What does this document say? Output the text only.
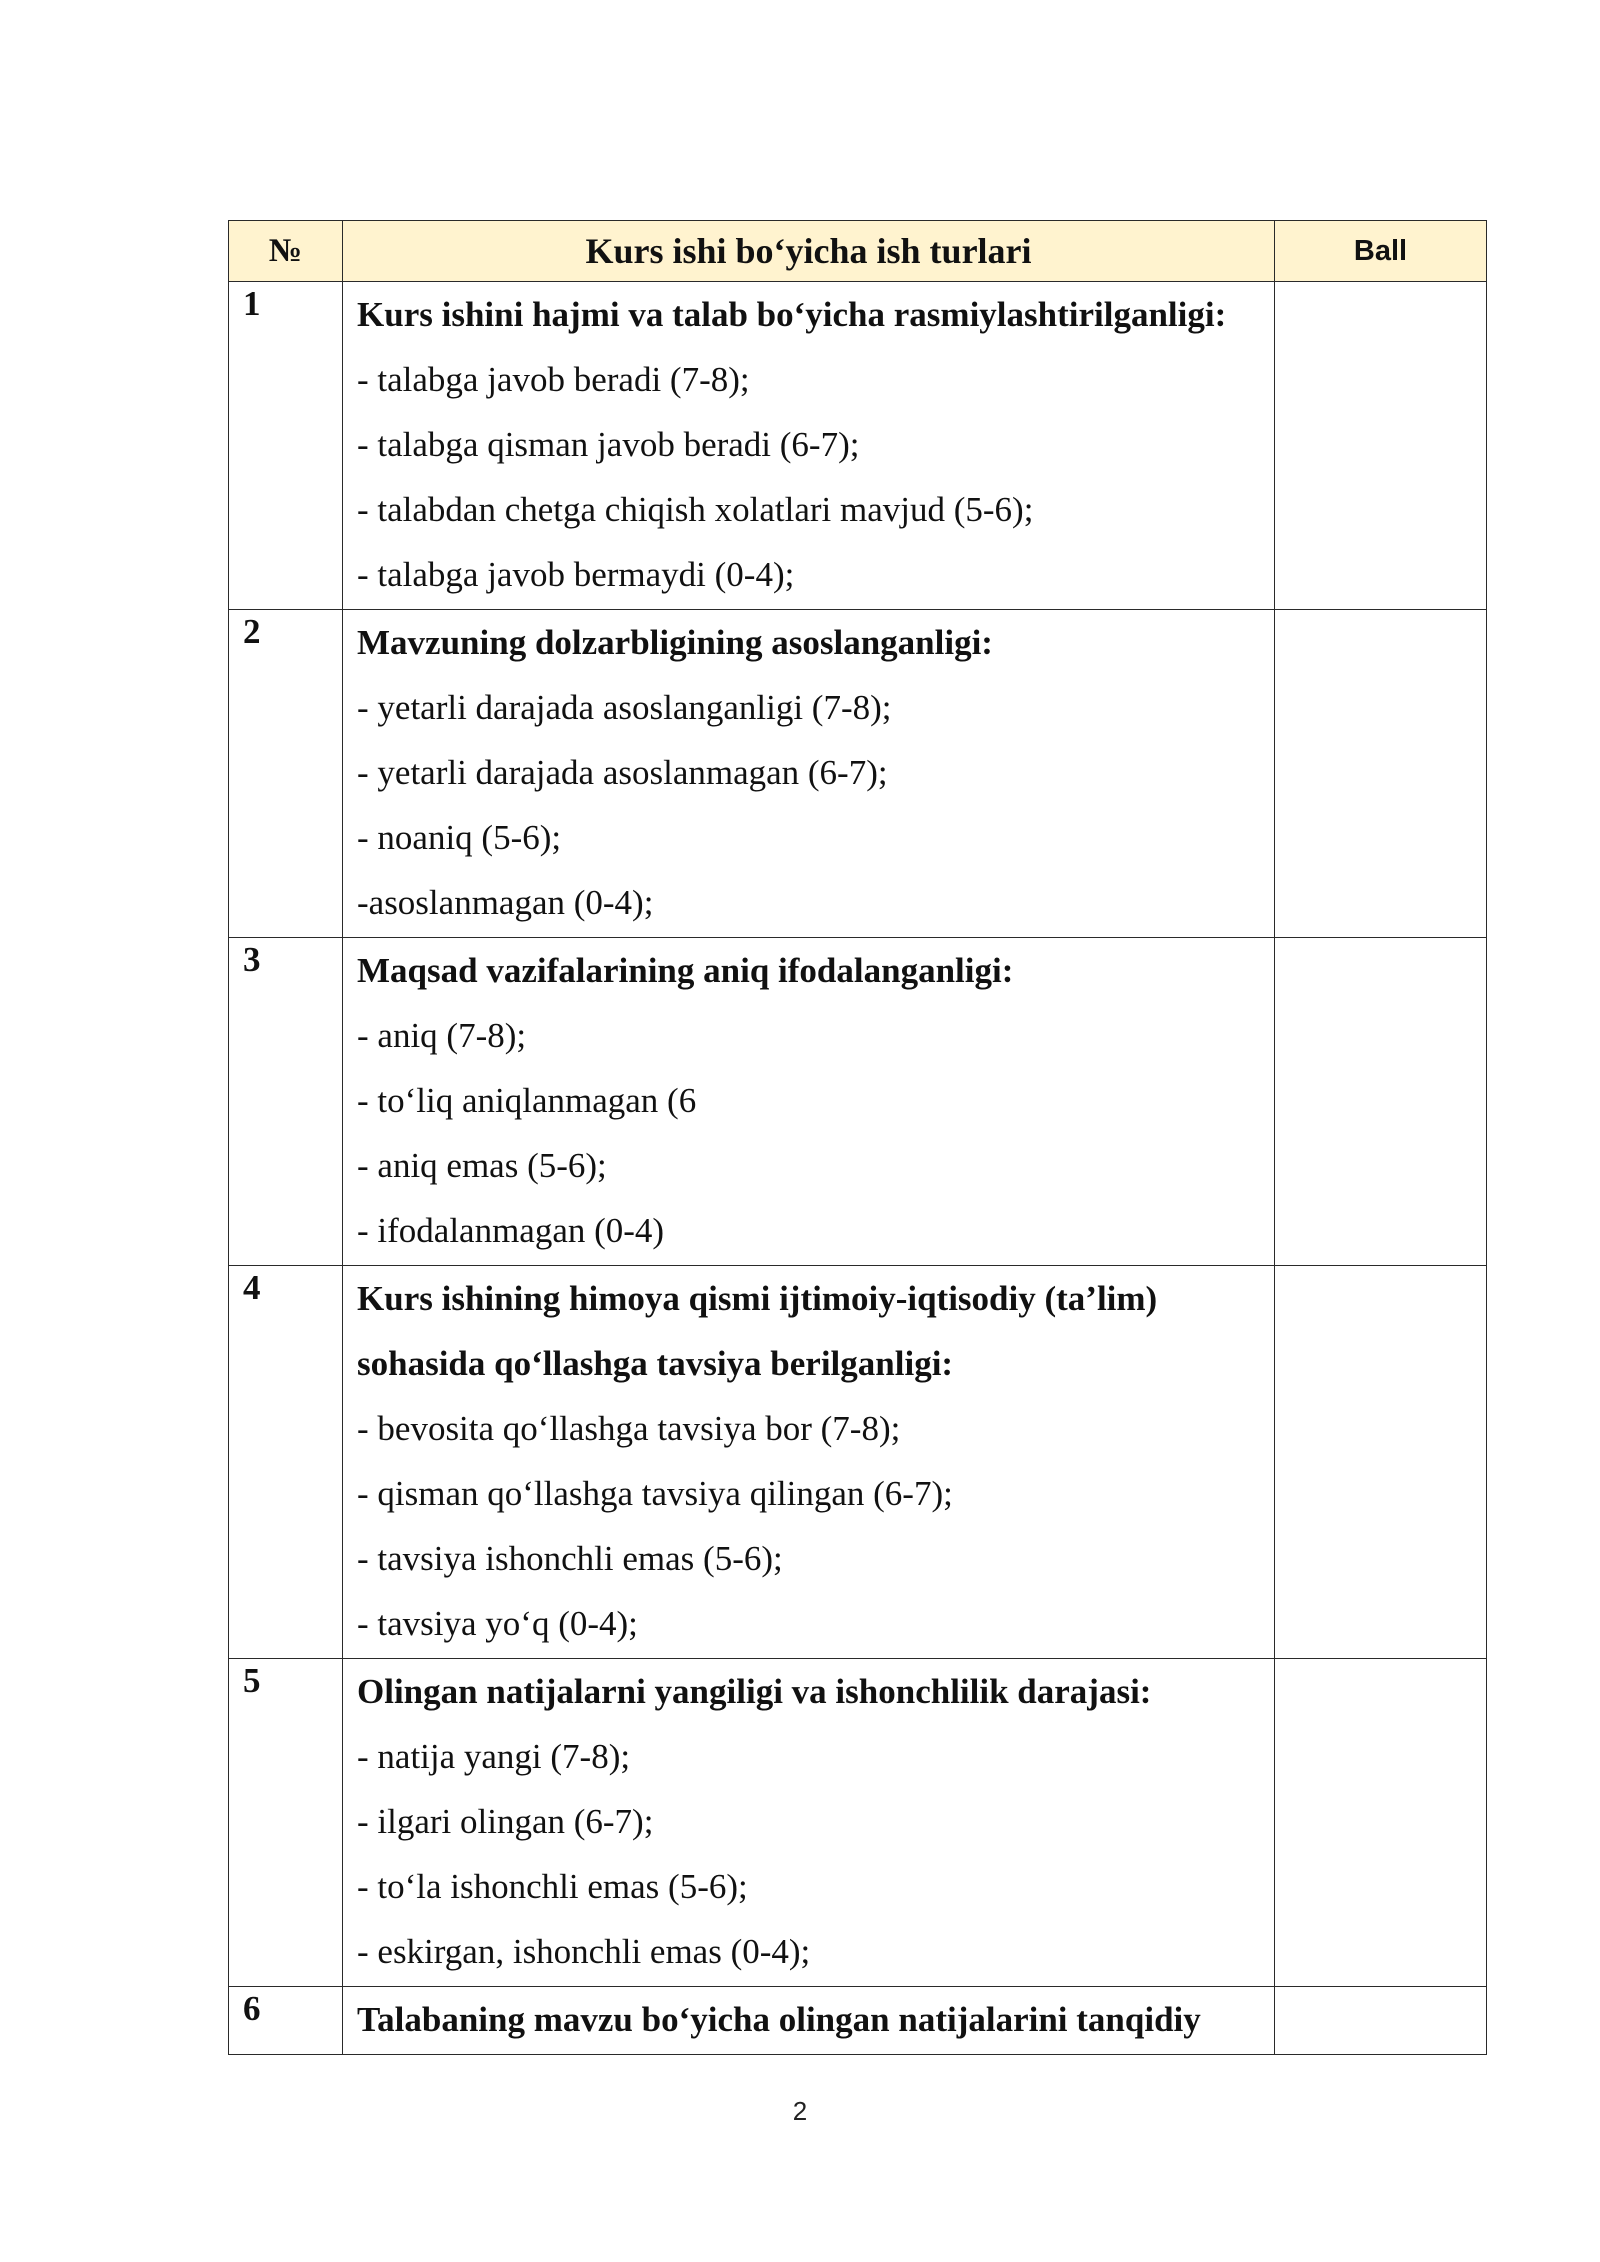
№	Kurs ishi bo‘yicha ish turlari	Ball
1	Kurs ishini hajmi va talab bo‘yicha rasmiylashtirilganligi:
- talabga javob beradi (7-8);
- talabga qisman javob beradi (6-7);
- talabdan chetga chiqish xolatlari mavjud (5-6);
- talabga javob bermaydi (0-4);	

2	Mavzuning dolzarbligining asoslanganligi:
- yetarli darajada asoslanganligi (7-8);
- yetarli darajada asoslanmagan (6-7);
- noaniq (5-6);
-asoslanmagan (0-4);	

3	Maqsad vazifalarining aniq ifodalanganligi:
- aniq (7-8);
- to‘liq aniqlanmagan (6
- aniq emas (5-6);
- ifodalanmagan (0-4)	

4	Kurs ishining himoya qismi ijtimoiy-iqtisodiy (ta’lim) sohasida qo‘llashga tavsiya berilganligi:
- bevosita qo‘llashga tavsiya bor (7-8);
- qisman qo‘llashga tavsiya qilingan (6-7);
- tavsiya ishonchli emas (5-6);
- tavsiya yo‘q (0-4);	

5	Olingan natijalarni yangiligi va ishonchlilik darajasi:
- natija yangi (7-8);
- ilgari olingan (6-7);
- to‘la ishonchli emas (5-6);
- eskirgan, ishonchli emas (0-4);	

6	Talabaning mavzu bo‘yicha olingan natijalarini tanqidiy	

2
